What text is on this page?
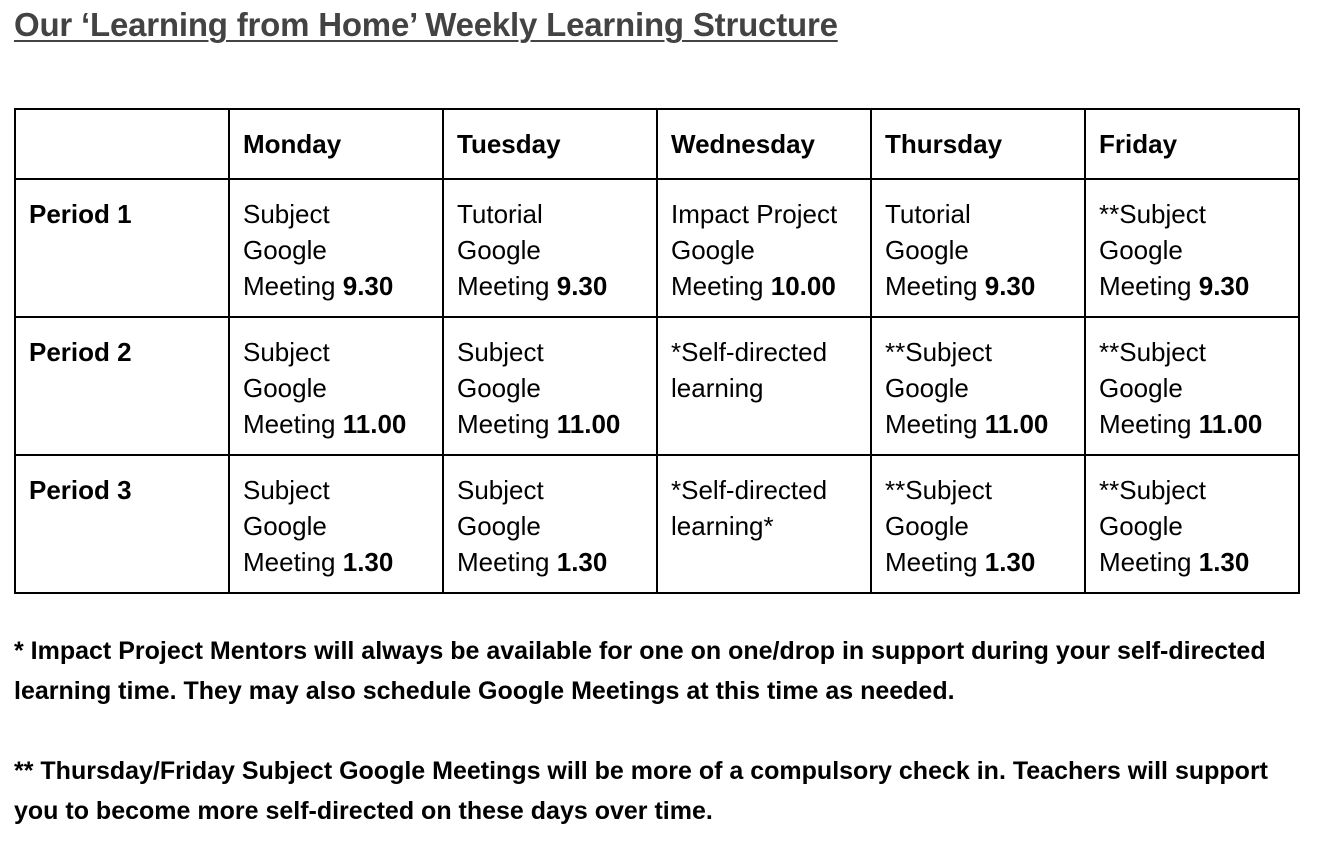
Our ‘Learning from Home’ Weekly Learning Structure
	Monday	Tuesday	Wednesday	Thursday	Friday
Period 1	Subject
Google
Meeting 9.30	Tutorial
Google
Meeting 9.30	Impact Project
Google
Meeting 10.00	Tutorial
Google
Meeting 9.30	**Subject
Google
Meeting 9.30

Period 2	Subject
Google
Meeting 11.00	Subject
Google
Meeting 11.00	*Self-directed
learning	**Subject
Google
Meeting 11.00	**Subject
Google
Meeting 11.00

Period 3	Subject
Google
Meeting 1.30	Subject
Google
Meeting 1.30	*Self-directed
learning*	**Subject
Google
Meeting 1.30	**Subject
Google
Meeting 1.30

* Impact Project Mentors will always be available for one on one/drop in support during your self-directed learning time. They may also schedule Google Meetings at this time as needed.

** Thursday/Friday Subject Google Meetings will be more of a compulsory check in. Teachers will support you to become more self-directed on these days over time.
